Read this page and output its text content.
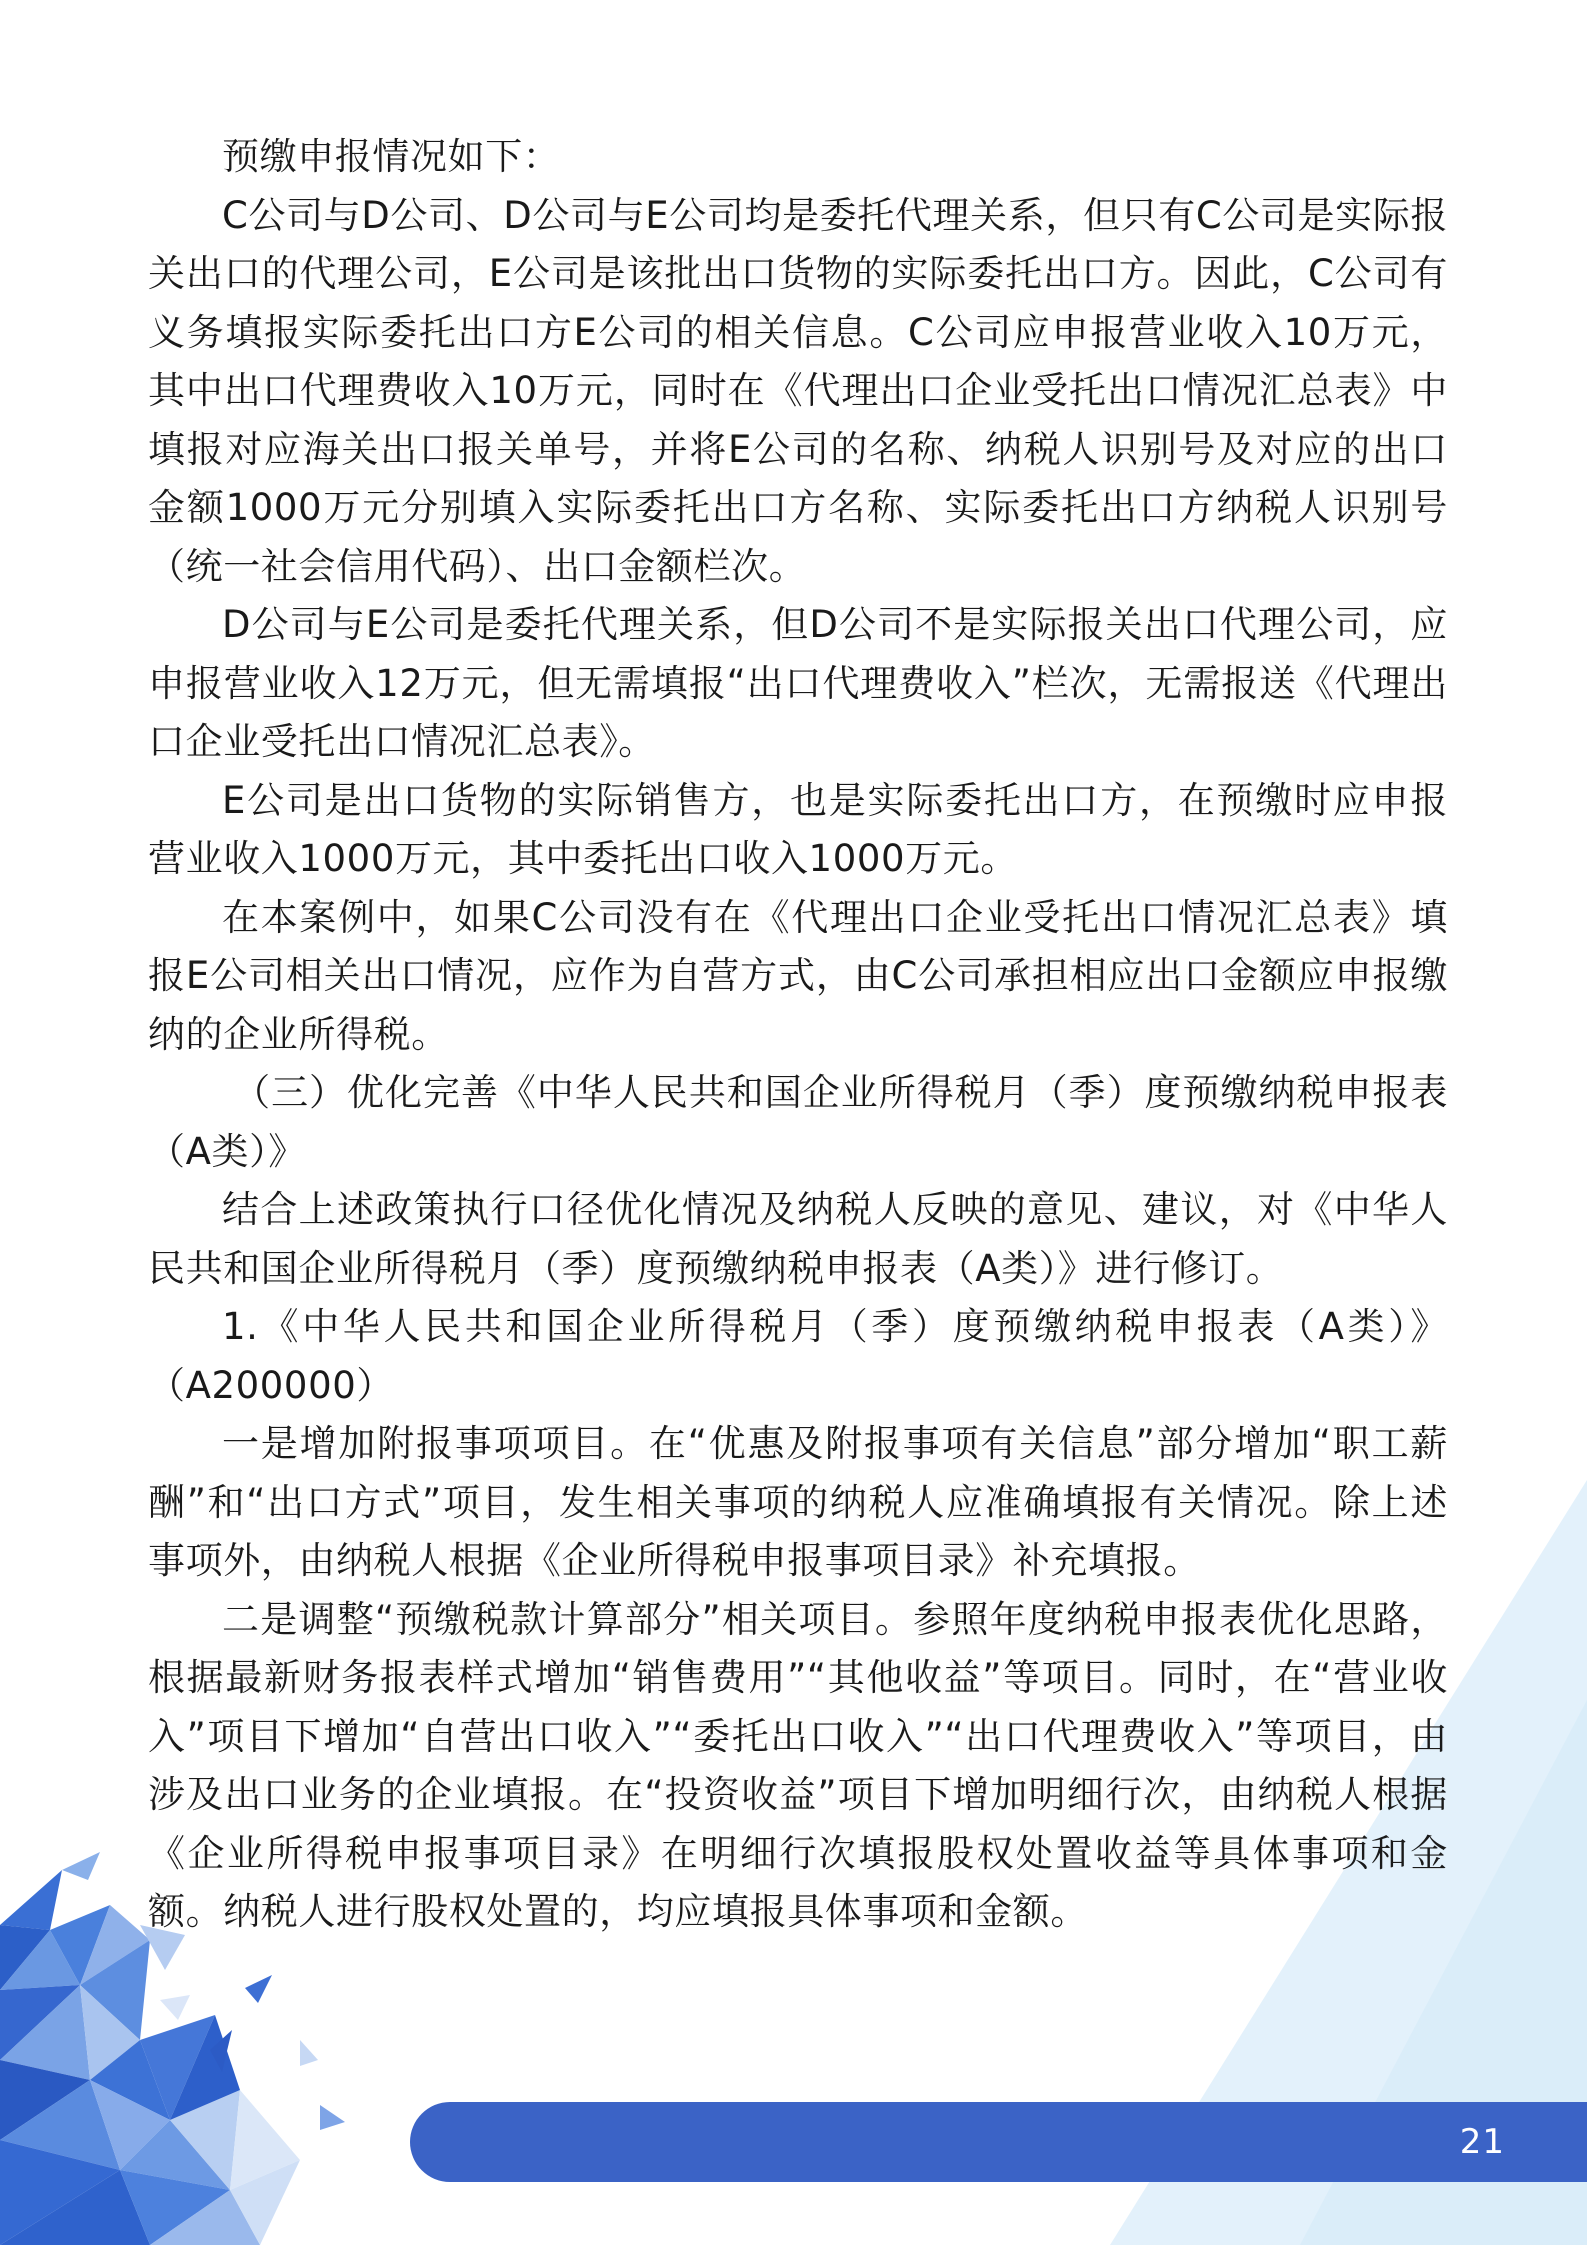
预缴申报情况如下：

C公司与D公司、D公司与E公司均是委托代理关系，但只有C公司是实际报关出口的代理公司，E公司是该批出口货物的实际委托出口方。因此，C公司有义务填报实际委托出口方E公司的相关信息。C公司应申报营业收入10万元，其中出口代理费收入10万元，同时在《代理出口企业受托出口情况汇总表》中填报对应海关出口报关单号，并将E公司的名称、纳税人识别号及对应的出口金额1000万元分别填入实际委托出口方名称、实际委托出口方纳税人识别号（统一社会信用代码）、出口金额栏次。

D公司与E公司是委托代理关系，但D公司不是实际报关出口代理公司，应申报营业收入12万元，但无需填报“出口代理费收入”栏次，无需报送《代理出口企业受托出口情况汇总表》。

E公司是出口货物的实际销售方，也是实际委托出口方，在预缴时应申报营业收入1000万元，其中委托出口收入1000万元。

在本案例中，如果C公司没有在《代理出口企业受托出口情况汇总表》填报E公司相关出口情况，应作为自营方式，由C公司承担相应出口金额应申报缴纳的企业所得税。

（三）优化完善《中华人民共和国企业所得税月（季）度预缴纳税申报表（A类）》

结合上述政策执行口径优化情况及纳税人反映的意见、建议，对《中华人民共和国企业所得税月（季）度预缴纳税申报表（A类）》进行修订。

1.《中华人民共和国企业所得税月（季）度预缴纳税申报表（A类）》（A200000）

一是增加附报事项项目。在“优惠及附报事项有关信息”部分增加“职工薪酬”和“出口方式”项目，发生相关事项的纳税人应准确填报有关情况。除上述事项外，由纳税人根据《企业所得税申报事项目录》补充填报。

二是调整“预缴税款计算部分”相关项目。参照年度纳税申报表优化思路，根据最新财务报表样式增加“销售费用”“其他收益”等项目。同时，在“营业收入”项目下增加“自营出口收入”“委托出口收入”“出口代理费收入”等项目，由涉及出口业务的企业填报。在“投资收益”项目下增加明细行次，由纳税人根据《企业所得税申报事项目录》在明细行次填报股权处置收益等具体事项和金额。纳税人进行股权处置的，均应填报具体事项和金额。

21
